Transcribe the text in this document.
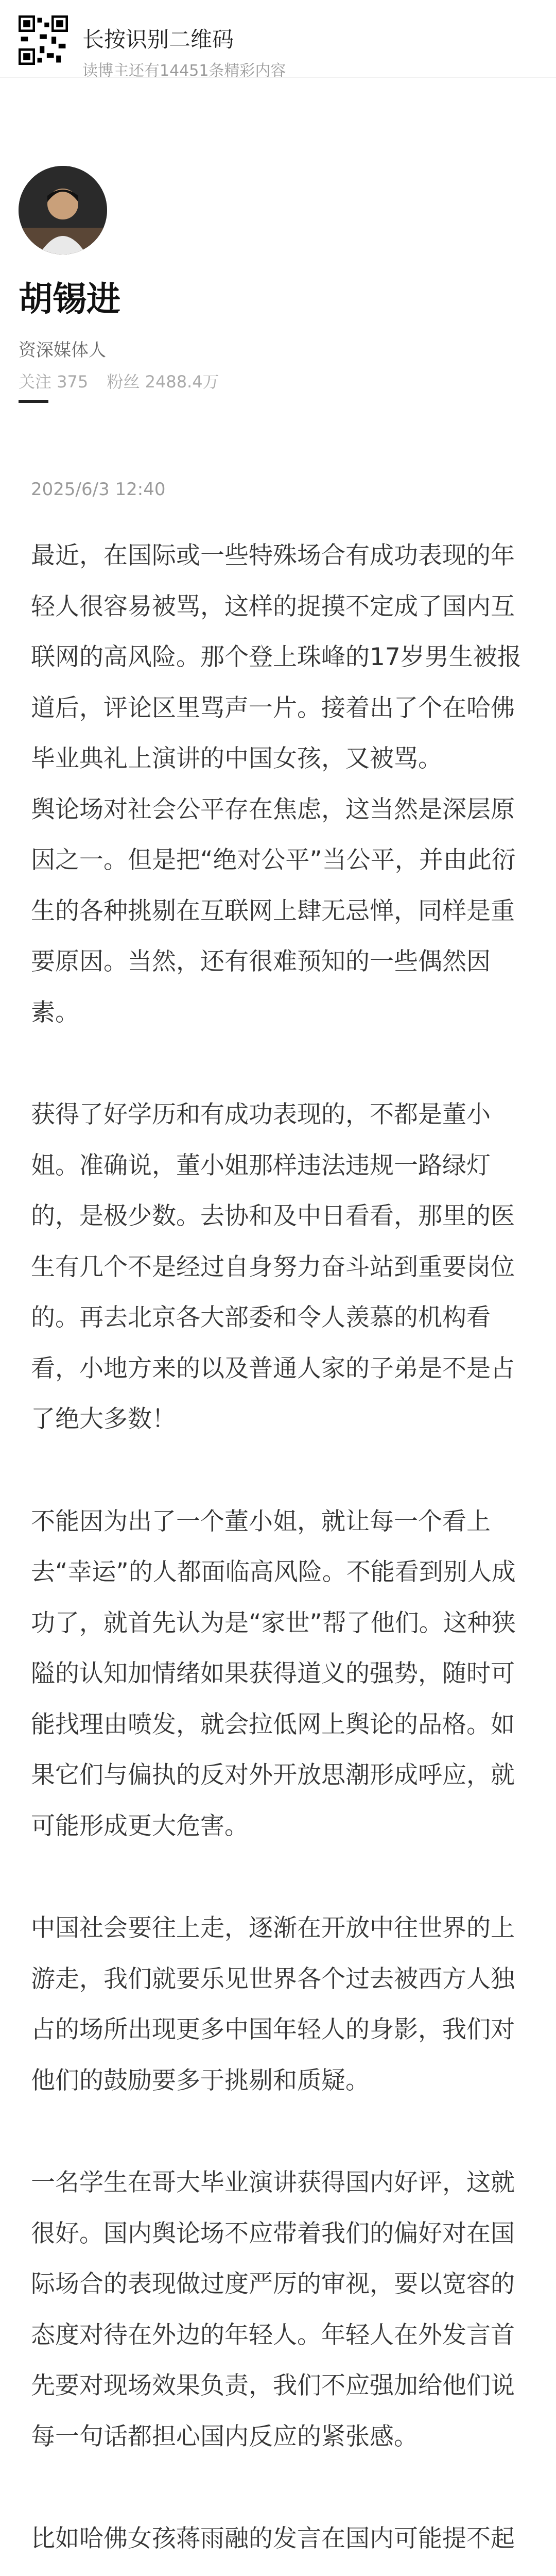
长按识别二维码
读博主还有14451条精彩内容
胡锡进
资深媒体人
关注 375 粉丝 2488.4万
2025/6/3 12:40

最近，在国际或一些特殊场合有成功表现的年轻人很容易被骂，这样的捉摸不定成了国内互联网的高风险。那个登上珠峰的17岁男生被报道后，评论区里骂声一片。接着出了个在哈佛毕业典礼上演讲的中国女孩，又被骂。

舆论场对社会公平存在焦虑，这当然是深层原因之一。但是把“绝对公平”当公平，并由此衍生的各种挑剔在互联网上肆无忌惮，同样是重要原因。当然，还有很难预知的一些偶然因素。

获得了好学历和有成功表现的，不都是董小姐。准确说，董小姐那样违法违规一路绿灯的，是极少数。去协和及中日看看，那里的医生有几个不是经过自身努力奋斗站到重要岗位的。再去北京各大部委和令人羡慕的机构看看，小地方来的以及普通人家的子弟是不是占了绝大多数！

不能因为出了一个董小姐，就让每一个看上去“幸运”的人都面临高风险。不能看到别人成功了，就首先认为是“家世”帮了他们。这种狭隘的认知加情绪如果获得道义的强势，随时可能找理由喷发，就会拉低网上舆论的品格。如果它们与偏执的反对外开放思潮形成呼应，就可能形成更大危害。

中国社会要往上走，逐渐在开放中往世界的上游走，我们就要乐见世界各个过去被西方人独占的场所出现更多中国年轻人的身影，我们对他们的鼓励要多于挑剔和质疑。

一名学生在哥大毕业演讲获得国内好评，这就很好。国内舆论场不应带着我们的偏好对在国际场合的表现做过度严厉的审视，要以宽容的态度对待在外边的年轻人。年轻人在外发言首先要对现场效果负责，我们不应强加给他们说每一句话都担心国内反应的紧张感。

比如哈佛女孩蒋雨融的发言在国内可能提不起
